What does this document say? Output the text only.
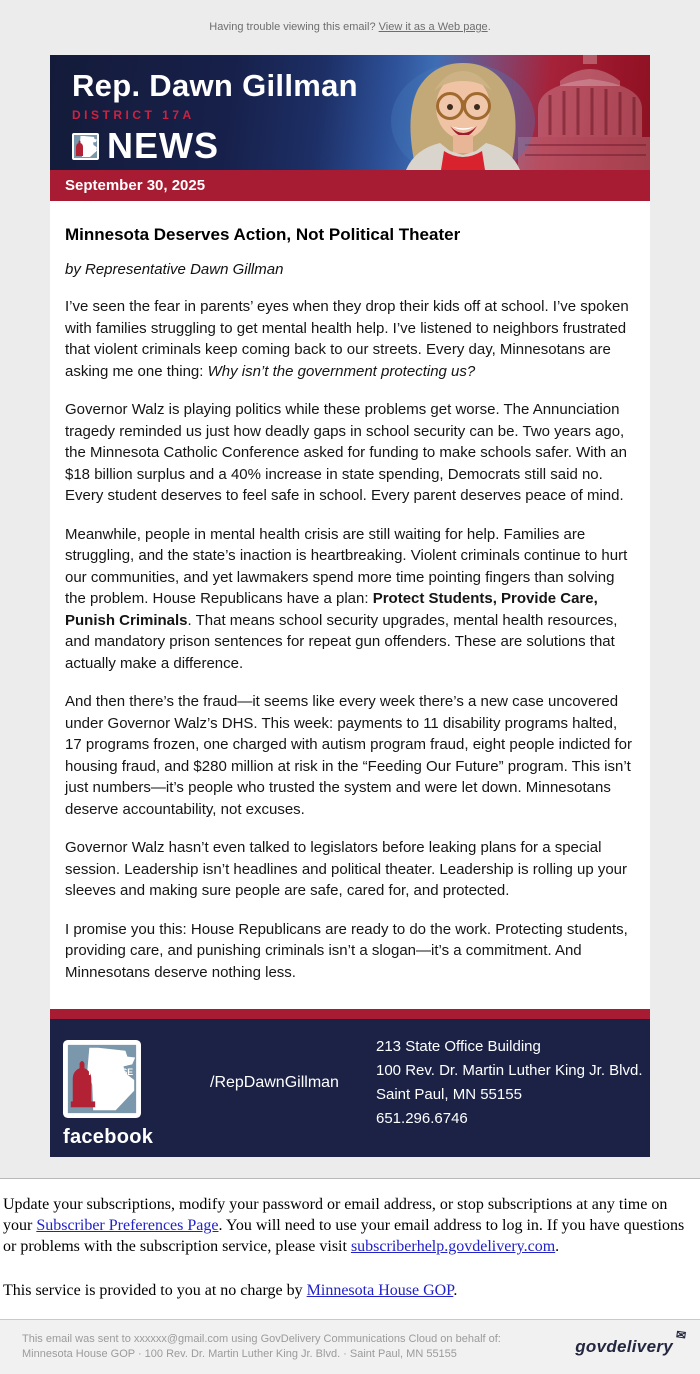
Having trouble viewing this email? View it as a Web page.
Rep. Dawn Gillman
DISTRICT 17A
GOP NEWS
September 30, 2025
Minnesota Deserves Action, Not Political Theater

by Representative Dawn Gillman

I’ve seen the fear in parents’ eyes when they drop their kids off at school. I’ve spoken with families struggling to get mental health help. I’ve listened to neighbors frustrated that violent criminals keep coming back to our streets. Every day, Minnesotans are asking me one thing: Why isn’t the government protecting us?

Governor Walz is playing politics while these problems get worse. The Annunciation tragedy reminded us just how deadly gaps in school security can be. Two years ago, the Minnesota Catholic Conference asked for funding to make schools safer. With an $18 billion surplus and a 40% increase in state spending, Democrats still said no. Every student deserves to feel safe in school. Every parent deserves peace of mind.

Meanwhile, people in mental health crisis are still waiting for help. Families are struggling, and the state’s inaction is heartbreaking. Violent criminals continue to hurt our communities, and yet lawmakers spend more time pointing fingers than solving the problem. House Republicans have a plan: Protect Students, Provide Care, Punish Criminals. That means school security upgrades, mental health resources, and mandatory prison sentences for repeat gun offenders. These are solutions that actually make a difference.

And then there’s the fraud—it seems like every week there’s a new case uncovered under Governor Walz’s DHS. This week: payments to 11 disability programs halted, 17 programs frozen, one charged with autism program fraud, eight people indicted for housing fraud, and $280 million at risk in the “Feeding Our Future” program. This isn’t just numbers—it’s people who trusted the system and were let down. Minnesotans deserve accountability, not excuses.

Governor Walz hasn’t even talked to legislators before leaking plans for a special session. Leadership isn’t headlines and political theater. Leadership is rolling up your sleeves and making sure people are safe, cared for, and protected.

I promise you this: House Republicans are ready to do the work. Protecting students, providing care, and punishing criminals isn’t a slogan—it’s a commitment. And Minnesotans deserve nothing less.

MNHOUSE
GOP
facebook
/RepDawnGillman
213 State Office Building
100 Rev. Dr. Martin Luther King Jr. Blvd.
Saint Paul, MN 55155
651.296.6746

Update your subscriptions, modify your password or email address, or stop subscriptions at any time on your Subscriber Preferences Page. You will need to use your email address to log in. If you have questions or problems with the subscription service, please visit subscriberhelp.govdelivery.com.

This service is provided to you at no charge by Minnesota House GOP.

This email was sent to xxxxxx@gmail.com using GovDelivery Communications Cloud on behalf of: Minnesota House GOP · 100 Rev. Dr. Martin Luther King Jr. Blvd. · Saint Paul, MN 55155	govdelivery
✉
